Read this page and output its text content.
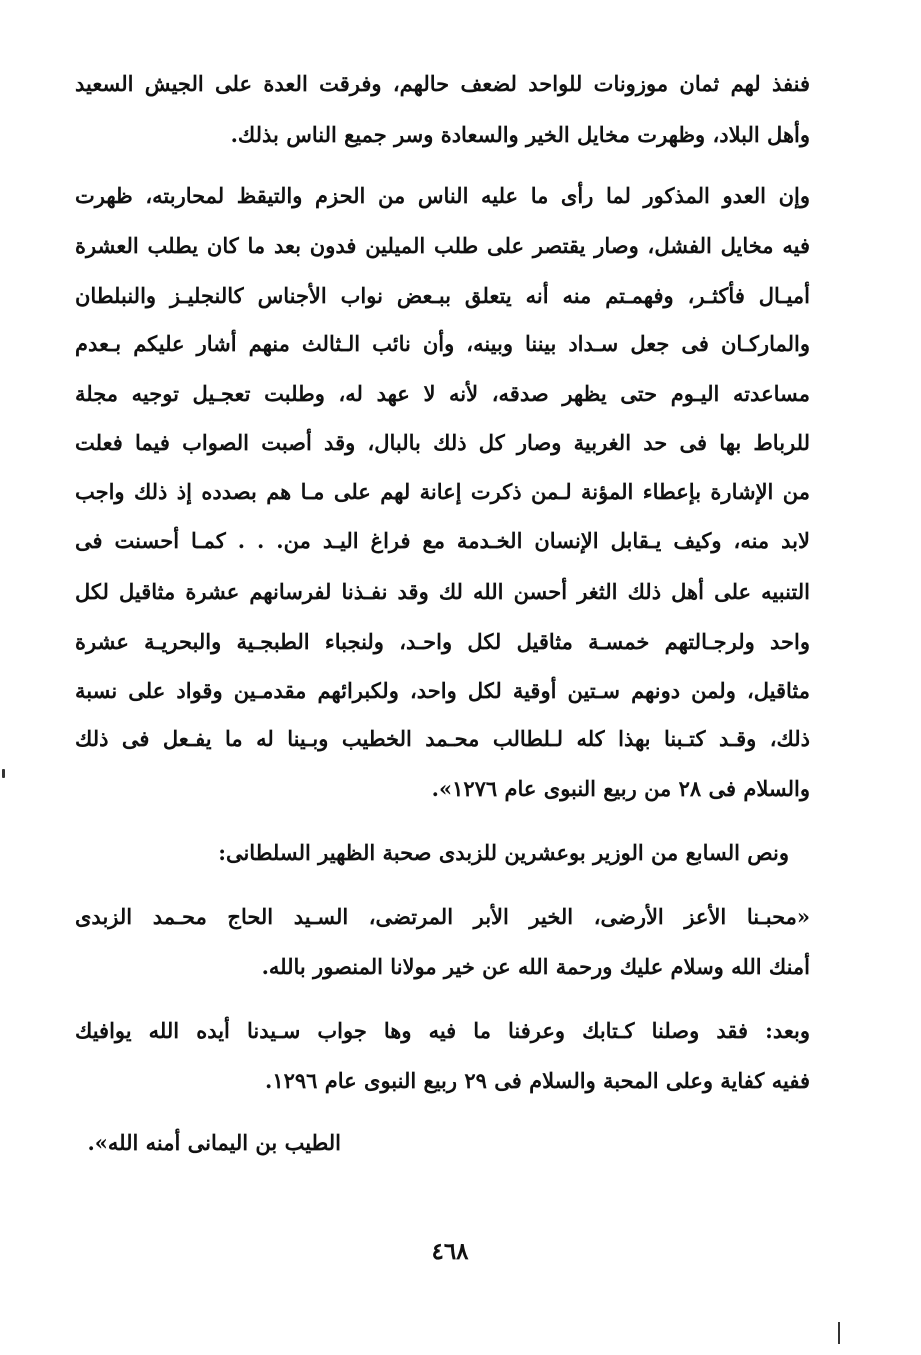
فنفذ لهم ثمان موزونات للواحد لضعف حالهم، وفرقت العدة على الجيش السعيد
وأهل البلاد، وظهرت مخايل الخير والسعادة وسر جميع الناس بذلك.
وإن العدو المذكور لما رأى ما عليه الناس من الحزم والتيقظ لمحاربته، ظهرت
فيه مخايل الفشل، وصار يقتصر على طلب الميلين فدون بعد ما كان يطلب العشرة
أميـال فأكثـر، وفهمـتم منه أنه يتعلق ببـعض نواب الأجناس كالنجليـز والنبلطان
والماركـان فى جعل سـداد بيننا وبينه، وأن نائب الـثالث منهم أشار عليكم بـعدم
مساعدته اليـوم حتى يظهر صدقه، لأنه لا عهد له، وطلبت تعجـيل توجيه مجلة
للرباط بها فى حد الغربية وصار كل ذلك بالبال، وقد أصبت الصواب فيما فعلت
من الإشارة بإعطاء المؤنة لـمن ذكرت إعانة لهم على مـا هم بصدده إذ ذلك واجب
لابد منه، وكيف يـقابل الإنسان الخـدمة مع فراغ اليـد من. . . كمـا أحسنت فى
التنبيه على أهل ذلك الثغر أحسن الله لك وقد نفـذنا لفرسانهم عشرة مثاقيل لكل
واحد ولرجـالتهم خمسـة مثاقيل لكل واحـد، ولنجباء الطبجـية والبحريـة عشرة
مثاقيل، ولمن دونهم سـتين أوقية لكل واحد، ولكبرائهم مقدمـين وقواد على نسبة
ذلك، وقـد كتـبنا بهذا كله لـلطالب محـمد الخطيب وبـينا له ما يفـعل فى ذلك
والسلام فى ٢٨ من ربيع النبوى عام ١٢٧٦».
ونص السابع من الوزير بوعشرين للزبدى صحبة الظهير السلطانى:
«محبـنا الأعز الأرضى، الخير الأبر المرتضى، السـيد الحاج محـمد الزبدى
أمنك الله وسلام عليك ورحمة الله عن خير مولانا المنصور بالله.
وبعد: فقد وصلنا كـتابك وعرفنا ما فيه وها جواب سـيدنا أيده الله يوافيك
ففيه كفاية وعلى المحبة والسلام فى ٢٩ ربيع النبوى عام ١٢٩٦.
الطيب بن اليمانى أمنه الله».
٤٦٨
